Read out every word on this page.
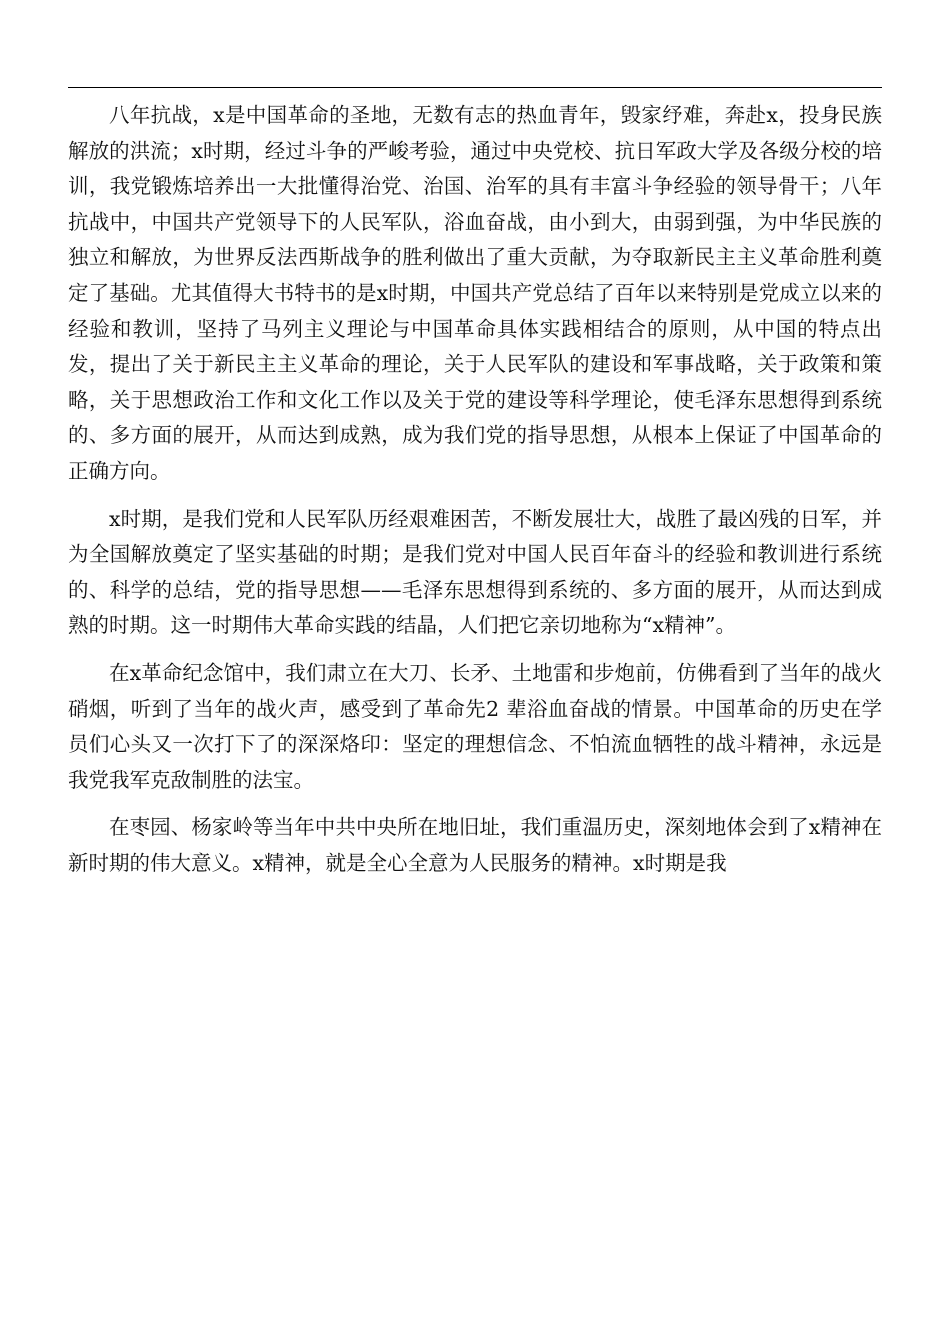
八年抗战，x是中国革命的圣地，无数有志的热血青年，毁家纾难，奔赴x，投身民族解放的洪流；x时期，经过斗争的严峻考验，通过中央党校、抗日军政大学及各级分校的培训，我党锻炼培养出一大批懂得治党、治国、治军的具有丰富斗争经验的领导骨干；八年抗战中，中国共产党领导下的人民军队，浴血奋战，由小到大，由弱到强，为中华民族的独立和解放，为世界反法西斯战争的胜利做出了重大贡献，为夺取新民主主义革命胜利奠定了基础。尤其值得大书特书的是x时期，中国共产党总结了百年以来特别是党成立以来的经验和教训，坚持了马列主义理论与中国革命具体实践相结合的原则，从中国的特点出发，提出了关于新民主主义革命的理论，关于人民军队的建设和军事战略，关于政策和策略，关于思想政治工作和文化工作以及关于党的建设等科学理论，使毛泽东思想得到系统的、多方面的展开，从而达到成熟，成为我们党的指导思想，从根本上保证了中国革命的正确方向。

x时期，是我们党和人民军队历经艰难困苦，不断发展壮大，战胜了最凶残的日军，并为全国解放奠定了坚实基础的时期；是我们党对中国人民百年奋斗的经验和教训进行系统的、科学的总结，党的指导思想——毛泽东思想得到系统的、多方面的展开，从而达到成熟的时期。这一时期伟大革命实践的结晶，人们把它亲切地称为“x精神”。

在x革命纪念馆中，我们肃立在大刀、长矛、土地雷和步炮前，仿佛看到了当年的战火硝烟，听到了当年的战火声，感受到了革命先2 辈浴血奋战的情景。中国革命的历史在学员们心头又一次打下了的深深烙印：坚定的理想信念、不怕流血牺牲的战斗精神，永远是我党我军克敌制胜的法宝。

在枣园、杨家岭等当年中共中央所在地旧址，我们重温历史，深刻地体会到了x精神在新时期的伟大意义。x精神，就是全心全意为人民服务的精神。x时期是我
